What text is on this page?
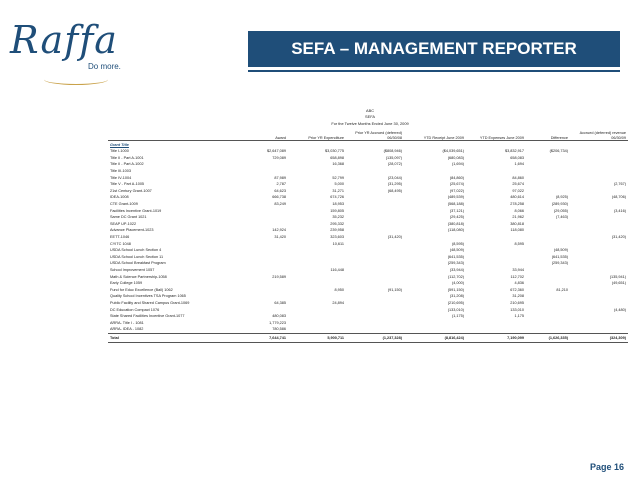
Raffa
Do more.
SEFA – MANAGEMENT REPORTER
ABC
SEFA
For the Twelve Months Ended June 30, 2009
	Award	Prior YR Expenditure	Prior YR Accrued (deferred) 06/30/08	YTD Receipt June 2009	YTD Expenses June 2009	Difference	Accrued (deferred) revenue 06/30/09
Grant Title							
Title I-1000	$2,647,089	$3,030,775	($808,946)	($4,039,651)	$3,832,917	($206,734)	
Title II - Part A-1001	729,089	658,898	(135,097)	(680,083)	658,083		
Title II - Part A-1002		16,368	(28,072)	(1,694)	1,694		
Title III-1003							
Title IV-1004	87,989	52,799	(23,044)	(84,860)	84,860		
Title V - Part A-1005	2,787	5,000	(31,295)	(25,674)	25,674		(2,767)
21st Century Grant-1007	64,623	31,271	(68,495)	(97,022)	97,022		
IDEA-1008	666,738	674,726		(489,539)	480,614	(8,925)	(48,706)
CTE Grant-1009	83,249	18,953		(568,188)	278,258	(289,930)	
Facilities Incentive Grant-1019		159,805		(37,121)	8,066	(29,055)	(3,416)
Same DC Grant 1021		35,232		(29,425)	21,962	(7,463)	
SEAP UP-1022		295,332		(380,818)	380,818		
Advance Placement-1023	142,924	239,958		(118,080)	118,080		
EETT-1046	31,420	323,603	(31,420)				(31,420)
CYITC 1048		10,611		(8,595)	8,595		
USDA School Lunch Section 4				(48,509)		(48,509)	
USDA School Lunch Section 11				(641,535)		(641,535)	
USDA School Breakfast Program				(259,343)		(259,343)	
School Improvement 1057		116,448		(33,944)	33,944		
Math & Science Partnership-1058	219,589			(112,702)	112,702		(135,941)
Early College 1059				(4,000)	4,836		(49,651)
Fund for Educ Excellence (Ball) 1062		8,950	(91,150)	(591,150)	672,360	81,210	
Quality School Incentives TSA Program 1065				(31,208)	31,208		
Public Facility and Shared Campus Grant-1069	64,385	24,894		(210,695)	210,695		
DC Education Compact 1076				(133,010)	133,010		(4,480)
State Shared Facilities Incentive Grant-1077	480,083			(1,175)	1,175		
ARRA- Title I - 1081	1,779,223						
ARRA- IDEA - 1082	780,586						
Total	7,644,741	5,900,711	(1,237,328)	(8,816,424)	7,190,099	(1,626,335)	(324,309)
Page 16
